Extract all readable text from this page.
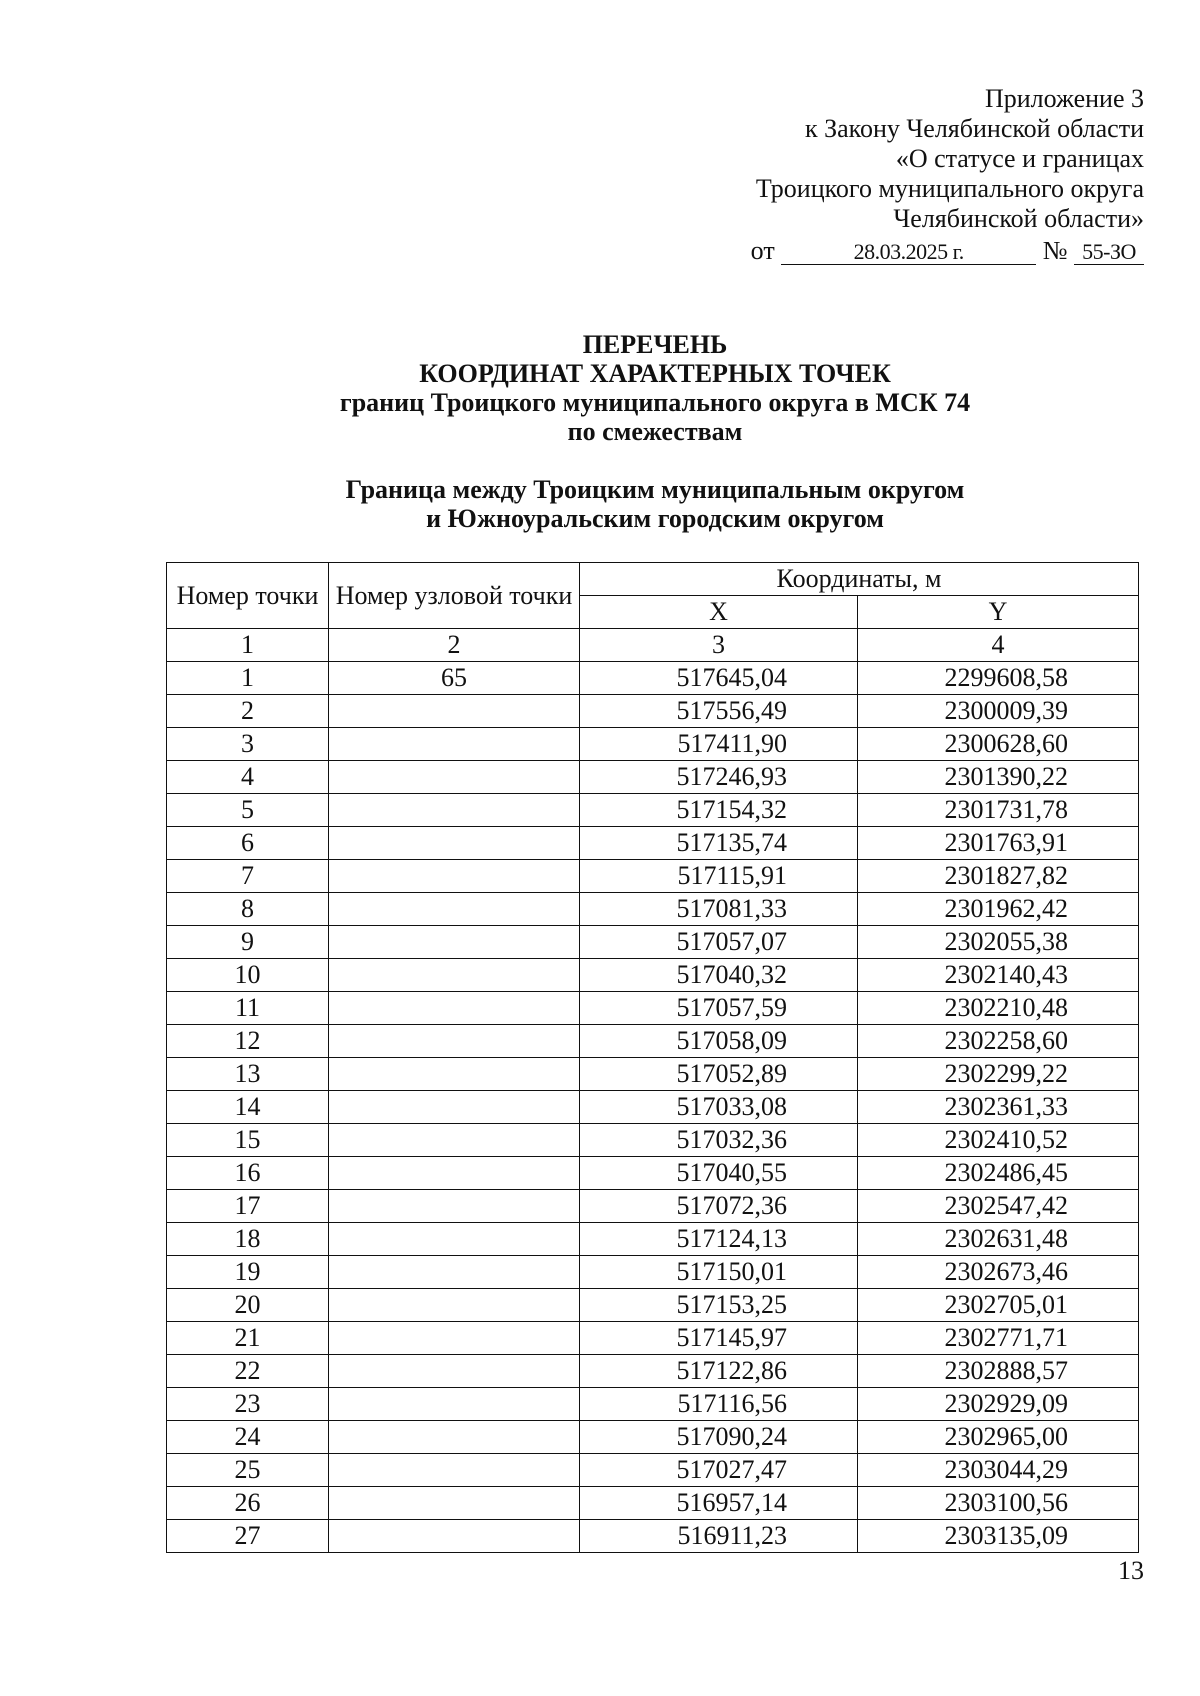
Приложение 3
к Закону Челябинской области
«О статусе и границах
Троицкого муниципального округа
Челябинской области»
от	28.03.2025 г.	№ 55-ЗО
ПЕРЕЧЕНЬ
КООРДИНАТ ХАРАКТЕРНЫХ ТОЧЕК
границ Троицкого муниципального округа в МСК 74
по смежествам
Граница между Троицким муниципальным округом
и Южноуральским городским округом
Номер точки	Номер узловой точки	Координаты, м	
		X	Y
1	2	3	4
1	65	517645,04	2299608,58
2		517556,49	2300009,39
3		517411,90	2300628,60
4		517246,93	2301390,22
5		517154,32	2301731,78
6		517135,74	2301763,91
7		517115,91	2301827,82
8		517081,33	2301962,42
9		517057,07	2302055,38
10		517040,32	2302140,43
11		517057,59	2302210,48
12		517058,09	2302258,60
13		517052,89	2302299,22
14		517033,08	2302361,33
15		517032,36	2302410,52
16		517040,55	2302486,45
17		517072,36	2302547,42
18		517124,13	2302631,48
19		517150,01	2302673,46
20		517153,25	2302705,01
21		517145,97	2302771,71
22		517122,86	2302888,57
23		517116,56	2302929,09
24		517090,24	2302965,00
25		517027,47	2303044,29
26		516957,14	2303100,56
27		516911,23	2303135,09
13
